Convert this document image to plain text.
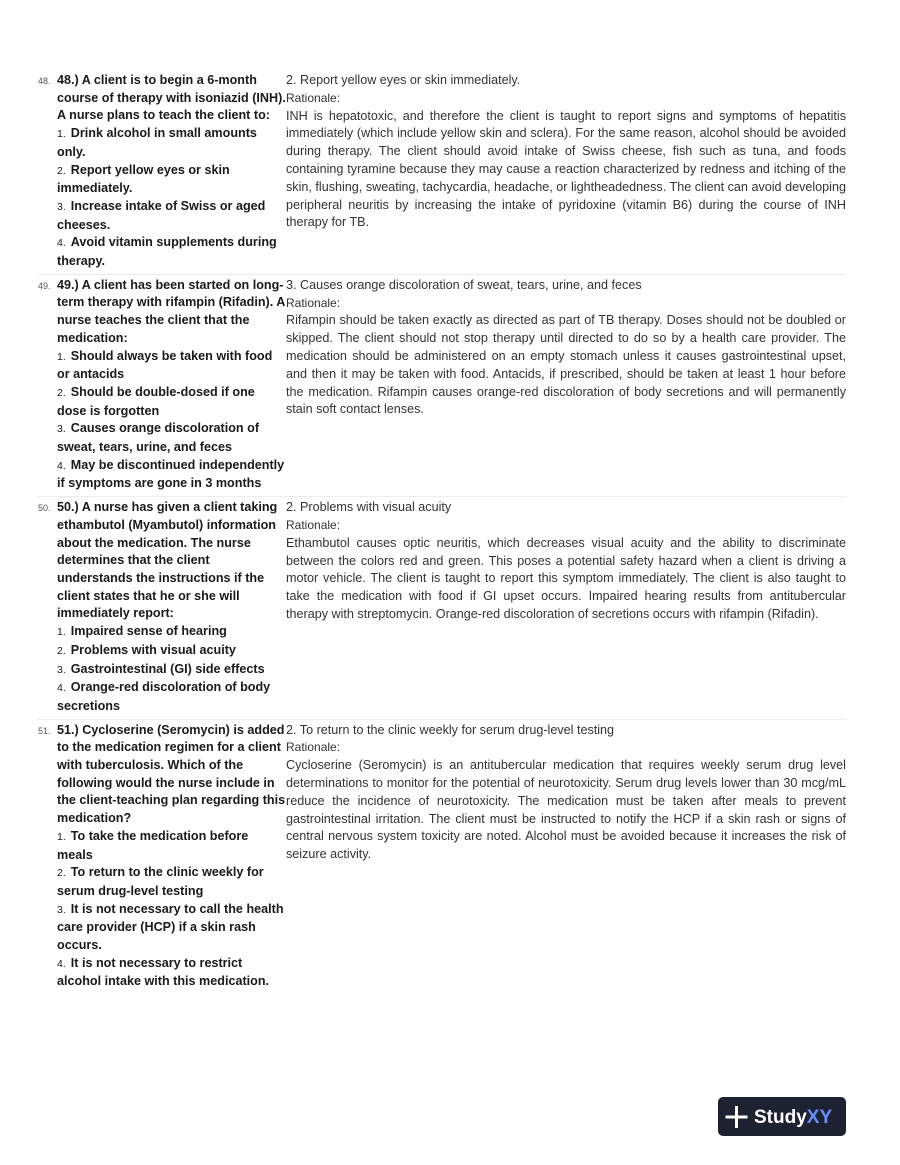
48. 48.) A client is to begin a 6-month course of therapy with isoniazid (INH). A nurse plans to teach the client to:
1. Drink alcohol in small amounts only.
2. Report yellow eyes or skin immediately.
3. Increase intake of Swiss or aged cheeses.
4. Avoid vitamin supplements during therapy.
2. Report yellow eyes or skin immediately.
Rationale:
INH is hepatotoxic, and therefore the client is taught to report signs and symptoms of hepatitis immediately (which include yellow skin and sclera). For the same reason, alcohol should be avoided during therapy. The client should avoid intake of Swiss cheese, fish such as tuna, and foods containing tyramine because they may cause a reaction characterized by redness and itching of the skin, flushing, sweating, tachycardia, headache, or lightheadedness. The client can avoid developing peripheral neuritis by increasing the intake of pyridoxine (vitamin B6) during the course of INH therapy for TB.
49. 49.) A client has been started on long-term therapy with rifampin (Rifadin). A nurse teaches the client that the medication:
1. Should always be taken with food or antacids
2. Should be double-dosed if one dose is forgotten
3. Causes orange discoloration of sweat, tears, urine, and feces
4. May be discontinued independently if symptoms are gone in 3 months
3. Causes orange discoloration of sweat, tears, urine, and feces
Rationale:
Rifampin should be taken exactly as directed as part of TB therapy. Doses should not be doubled or skipped. The client should not stop therapy until directed to do so by a health care provider. The medication should be administered on an empty stomach unless it causes gastrointestinal upset, and then it may be taken with food. Antacids, if prescribed, should be taken at least 1 hour before the medication. Rifampin causes orange-red discoloration of body secretions and will permanently stain soft contact lenses.
50. 50.) A nurse has given a client taking ethambutol (Myambutol) information about the medication. The nurse determines that the client understands the instructions if the client states that he or she will immediately report:
1. Impaired sense of hearing
2. Problems with visual acuity
3. Gastrointestinal (GI) side effects
4. Orange-red discoloration of body secretions
2. Problems with visual acuity
Rationale:
Ethambutol causes optic neuritis, which decreases visual acuity and the ability to discriminate between the colors red and green. This poses a potential safety hazard when a client is driving a motor vehicle. The client is taught to report this symptom immediately. The client is also taught to take the medication with food if GI upset occurs. Impaired hearing results from antitubercular therapy with streptomycin. Orange-red discoloration of secretions occurs with rifampin (Rifadin).
51. 51.) Cycloserine (Seromycin) is added to the medication regimen for a client with tuberculosis. Which of the following would the nurse include in the client-teaching plan regarding this medication?
1. To take the medication before meals
2. To return to the clinic weekly for serum drug-level testing
3. It is not necessary to call the health care provider (HCP) if a skin rash occurs.
4. It is not necessary to restrict alcohol intake with this medication.
2. To return to the clinic weekly for serum drug-level testing
Rationale:
Cycloserine (Seromycin) is an antitubercular medication that requires weekly serum drug level determinations to monitor for the potential of neurotoxicity. Serum drug levels lower than 30 mcg/mL reduce the incidence of neurotoxicity. The medication must be taken after meals to prevent gastrointestinal irritation. The client must be instructed to notify the HCP if a skin rash or signs of central nervous system toxicity are noted. Alcohol must be avoided because it increases the risk of seizure activity.
StudyXY
